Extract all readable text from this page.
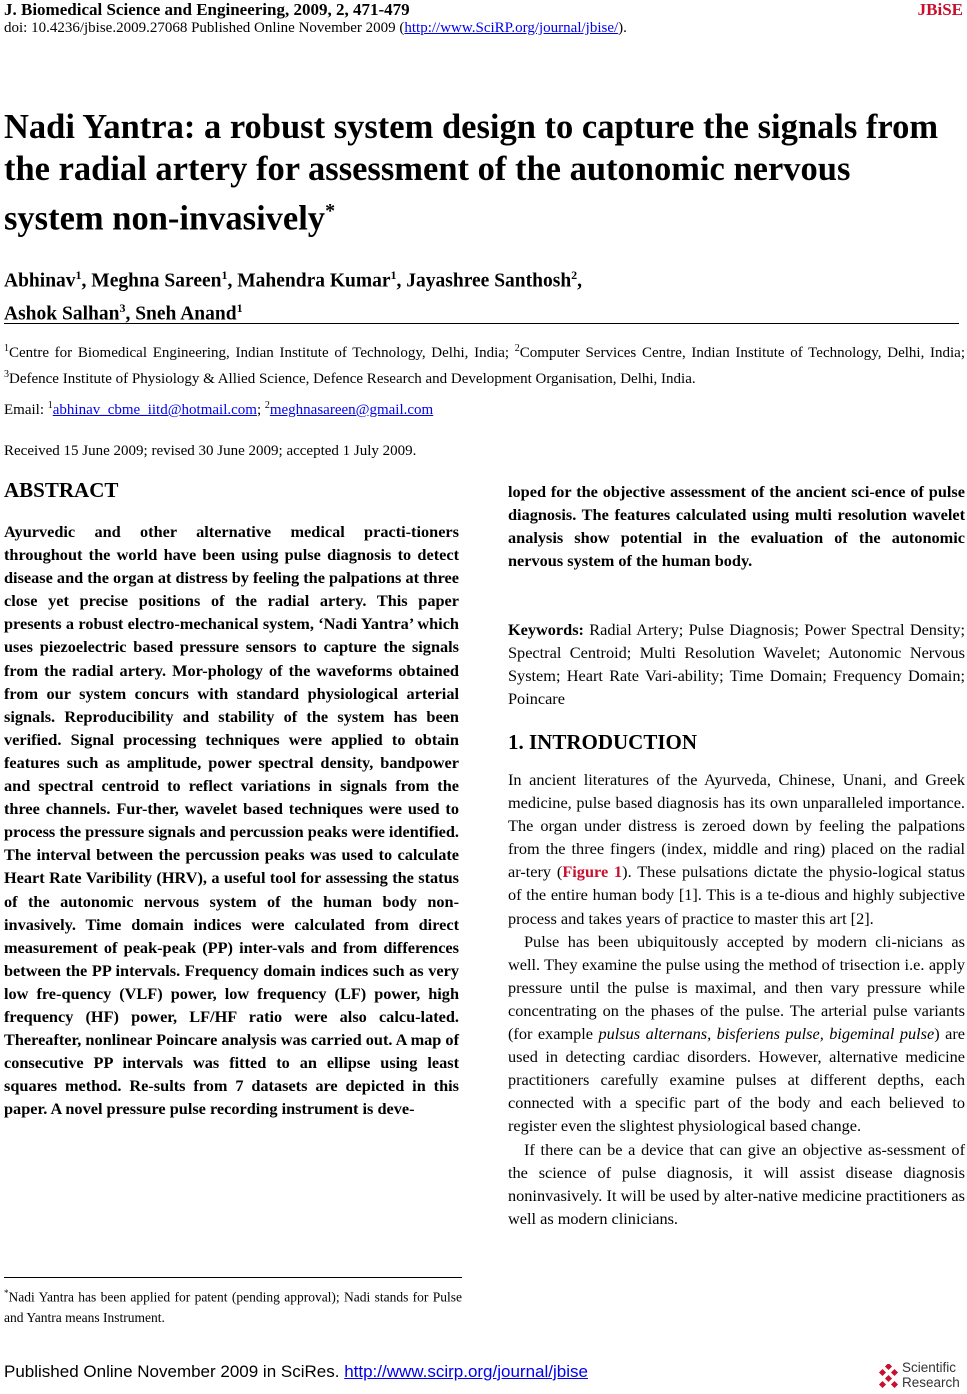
J. Biomedical Science and Engineering, 2009, 2, 471-479	JBiSE
doi: 10.4236/jbise.2009.27068 Published Online November 2009 (http://www.SciRP.org/journal/jbise/).
Nadi Yantra: a robust system design to capture the signals from the radial artery for assessment of the autonomic nervous system non-invasively*
Abhinav$^1$, Meghna Sareen$^1$, Mahendra Kumar$^1$, Jayashree Santhosh$^2$,
Ashok Salhan$^3$, Sneh Anand$^1$
$^1$Centre for Biomedical Engineering, Indian Institute of Technology, Delhi, India; $^2$Computer Services Centre, Indian Institute of Technology, Delhi, India; $^3$Defence Institute of Physiology & Allied Science, Defence Research and Development Organisation, Delhi, India.
Email: $^1$abhinav_cbme_iitd@hotmail.com; $^2$meghnasareen@gmail.com
Received 15 June 2009; revised 30 June 2009; accepted 1 July 2009.
ABSTRACT
Ayurvedic and other alternative medical practi-tioners throughout the world have been using pulse diagnosis to detect disease and the organ at distress by feeling the palpations at three close yet precise positions of the radial artery. This paper presents a robust electro-mechanical system, ‘Nadi Yantra’ which uses piezoelectric based pressure sensors to capture the signals from the radial artery. Mor-phology of the waveforms obtained from our system concurs with standard physiological arterial signals. Reproducibility and stability of the system has been verified. Signal processing techniques were applied to obtain features such as amplitude, power spectral density, bandpower and spectral centroid to reflect variations in signals from the three channels. Fur-ther, wavelet based techniques were used to process the pressure signals and percussion peaks were identified. The interval between the percussion peaks was used to calculate Heart Rate Varibility (HRV), a useful tool for assessing the status of the autonomic nervous system of the human body non-invasively. Time domain indices were calculated from direct measurement of peak-peak (PP) inter-vals and from differences between the PP intervals. Frequency domain indices such as very low fre-quency (VLF) power, low frequency (LF) power, high frequency (HF) power, LF/HF ratio were also calcu-lated. Thereafter, nonlinear Poincare analysis was carried out. A map of consecutive PP intervals was fitted to an ellipse using least squares method. Re-sults from 7 datasets are depicted in this paper. A novel pressure pulse recording instrument is deve-
*Nadi Yantra has been applied for patent (pending approval); Nadi stands for Pulse and Yantra means Instrument.
loped for the objective assessment of the ancient sci-ence of pulse diagnosis. The features calculated using multi resolution wavelet analysis show potential in the evaluation of the autonomic nervous system of the human body.
Keywords: Radial Artery; Pulse Diagnosis; Power Spectral Density; Spectral Centroid; Multi Resolution Wavelet; Autonomic Nervous System; Heart Rate Vari-ability; Time Domain; Frequency Domain; Poincare
1. INTRODUCTION

In ancient literatures of the Ayurveda, Chinese, Unani, and Greek medicine, pulse based diagnosis has its own unparalleled importance. The organ under distress is zeroed down by feeling the palpations from the three fingers (index, middle and ring) placed on the radial ar-tery (Figure 1). These pulsations dictate the physio-logical status of the entire human body [1]. This is a te-dious and highly subjective process and takes years of practice to master this art [2].

Pulse has been ubiquitously accepted by modern cli-nicians as well. They examine the pulse using the method of trisection i.e. apply pressure until the pulse is maximal, and then vary pressure while concentrating on the phases of the pulse. The arterial pulse variants (for example pulsus alternans, bisferiens pulse, bigeminal pulse) are used in detecting cardiac disorders. However, alternative medicine practitioners carefully examine pulses at different depths, each connected with a specific part of the body and each believed to register even the slightest physiological based change.

If there can be a device that can give an objective as-sessment of the science of pulse diagnosis, it will assist disease diagnosis noninvasively. It will be used by alter-native medicine practitioners as well as modern clinicians.

Published Online November 2009 in SciRes. http://www.scirp.org/journal/jbise	Scientific
Research
